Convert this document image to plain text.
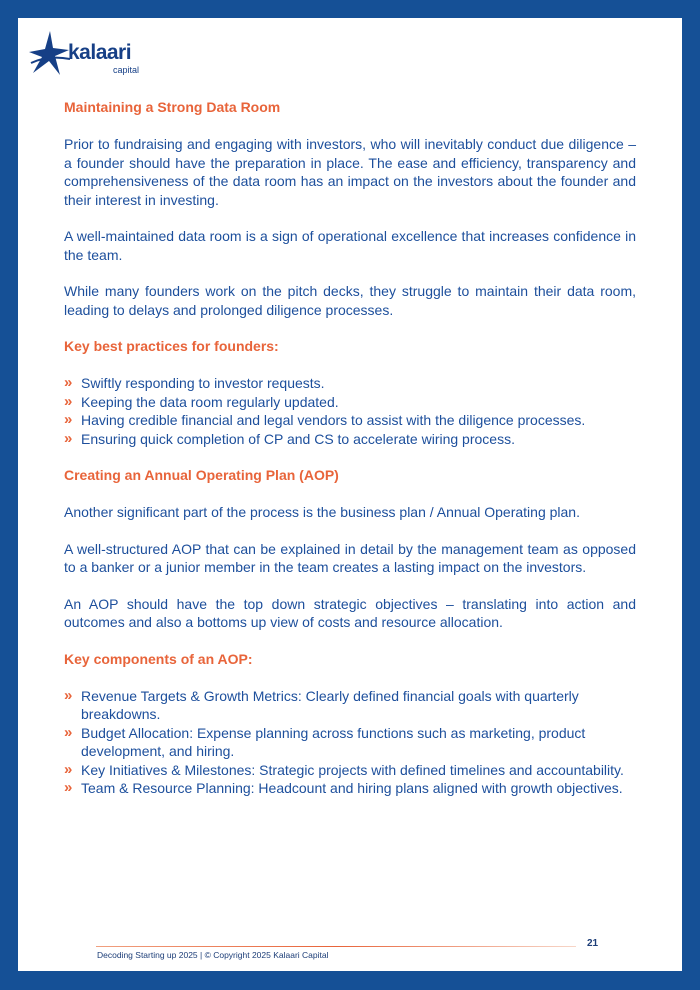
kalaari
capital
Maintaining a Strong Data Room

Prior to fundraising and engaging with investors, who will inevitably conduct due diligence – a founder should have the preparation in place. The ease and efficiency, transparency and comprehensiveness of the data room has an impact on the investors about the founder and their interest in investing.

A well-maintained data room is a sign of operational excellence that increases confidence in the team.

While many founders work on the pitch decks, they struggle to maintain their data room, leading to delays and prolonged diligence processes.

Key best practices for founders:
» Swiftly responding to investor requests.
» Keeping the data room regularly updated.
» Having credible financial and legal vendors to assist with the diligence processes.
» Ensuring quick completion of CP and CS to accelerate wiring process.
Creating an Annual Operating Plan (AOP)

Another significant part of the process is the business plan / Annual Operating plan.

A well-structured AOP that can be explained in detail by the management team as opposed to a banker or a junior member in the team creates a lasting impact on the investors.

An AOP should have the top down strategic objectives – translating into action and outcomes and also a bottoms up view of costs and resource allocation.

Key components of an AOP:
» Revenue Targets & Growth Metrics: Clearly defined financial goals with quarterly breakdowns.
» Budget Allocation: Expense planning across functions such as marketing, product development, and hiring.
» Key Initiatives & Milestones: Strategic projects with defined timelines and accountability.
» Team & Resource Planning: Headcount and hiring plans aligned with growth objectives.
Decoding Starting up 2025 | © Copyright 2025 Kalaari Capital
21
